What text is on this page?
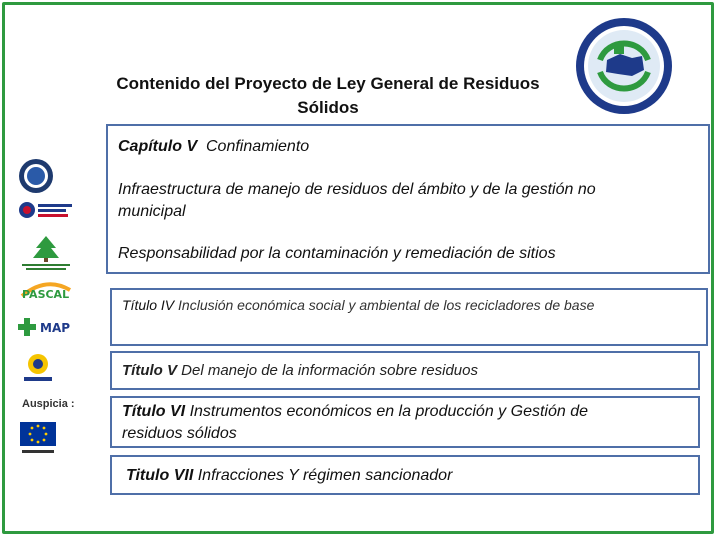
Contenido del Proyecto de Ley General de Residuos
Sólidos
PASCAL
MAP
Auspicia :
Capítulo V Confinamiento
Infraestructura de manejo de residuos del ámbito y de la gestión no
municipal
Responsabilidad por la contaminación y remediación de sitios
Título IV Inclusión económica social y ambiental de los recicladores de base
Título V Del manejo de la información sobre residuos
Título VI Instrumentos económicos en la producción y Gestión de
residuos sólidos
Titulo VII Infracciones Y régimen sancionador
